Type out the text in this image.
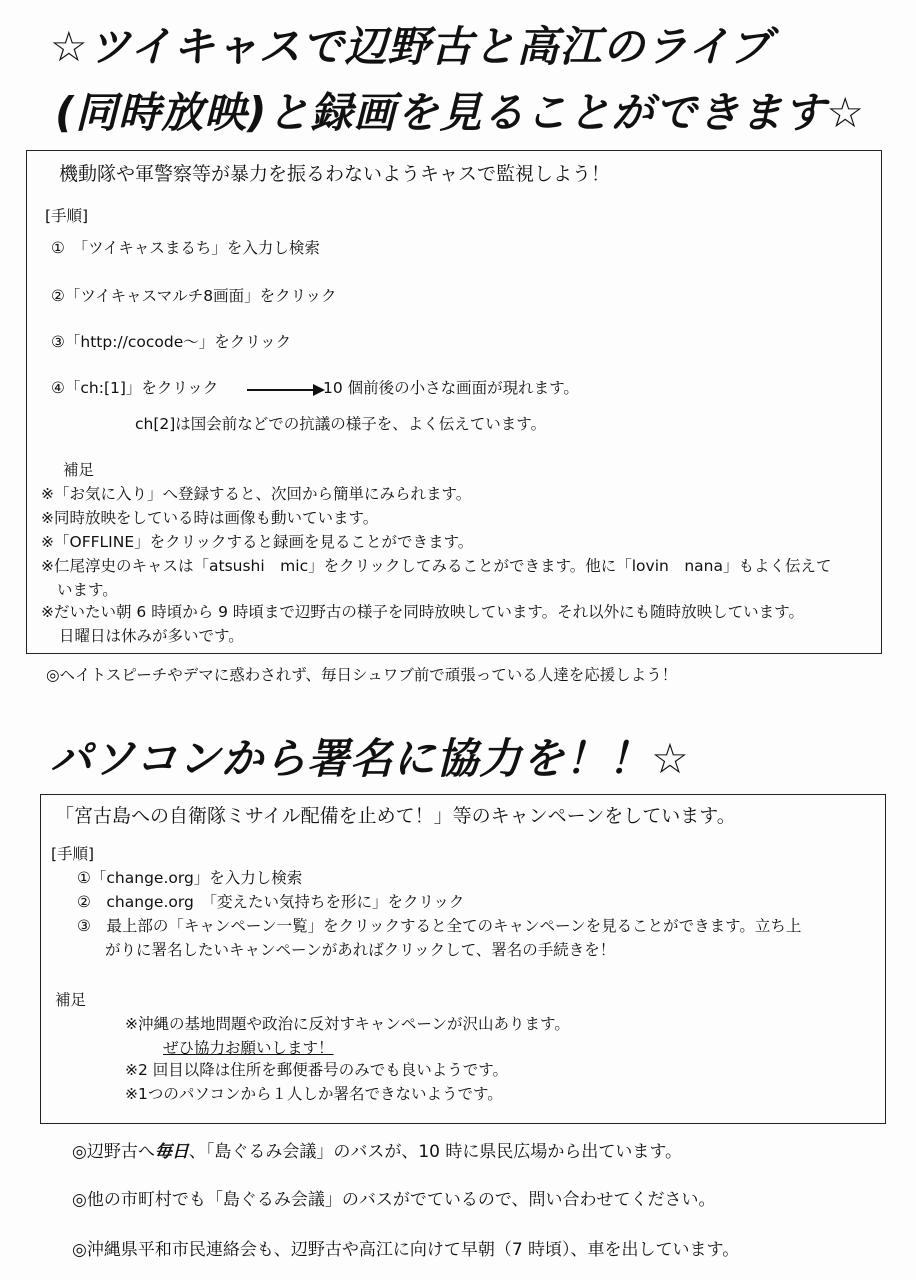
☆ツイキャスで辺野古と高江のライブ
(同時放映)と録画を見ることができます☆
機動隊や軍警察等が暴力を振るわないようキャスで監視しよう！
[手順]
①　「ツイキャスまるち」を入力し検索
②「ツイキャスマルチ8画面」をクリック
③「http://cocode～」をクリック
④「ch:[1]」をクリック	10 個前後の小さな画面が現れます。
ch[2]は国会前などでの抗議の様子を、よく伝えています。
補足
※「お気に入り」へ登録すると、次回から簡単にみられます。
※同時放映をしている時は画像も動いています。
※「OFFLINE」をクリックすると録画を見ることができます。
※仁尾淳史のキャスは「atsushi　mic」をクリックしてみることができます。他に「lovin　nana」もよく伝えて
います。
※だいたい朝 6 時頃から 9 時頃まで辺野古の様子を同時放映しています。それ以外にも随時放映しています。
日曜日は休みが多いです。
◎ヘイトスピーチやデマに惑わされず、毎日シュワブ前で頑張っている人達を応援しよう！
パソコンから署名に協力を！！☆
「宮古島への自衛隊ミサイル配備を止めて！」等のキャンペーンをしています。
[手順]
①「change.org」を入力し検索
②　change.org　「変えたい気持ちを形に」をクリック
③　最上部の「キャンペーン一覧」をクリックすると全てのキャンペーンを見ることができます。立ち上
がりに署名したいキャンペーンがあればクリックして、署名の手続きを！
補足
※沖縄の基地問題や政治に反対すキャンペーンが沢山あります。
ぜひ協力お願いします！
※2 回目以降は住所を郵便番号のみでも良いようです。
※1つのパソコンから１人しか署名できないようです。
◎辺野古へ毎日、「島ぐるみ会議」のバスが、10 時に県民広場から出ています。
◎他の市町村でも「島ぐるみ会議」のバスがでているので、問い合わせてください。
◎沖縄県平和市民連絡会も、辺野古や高江に向けて早朝（7 時頃）、車を出しています。
